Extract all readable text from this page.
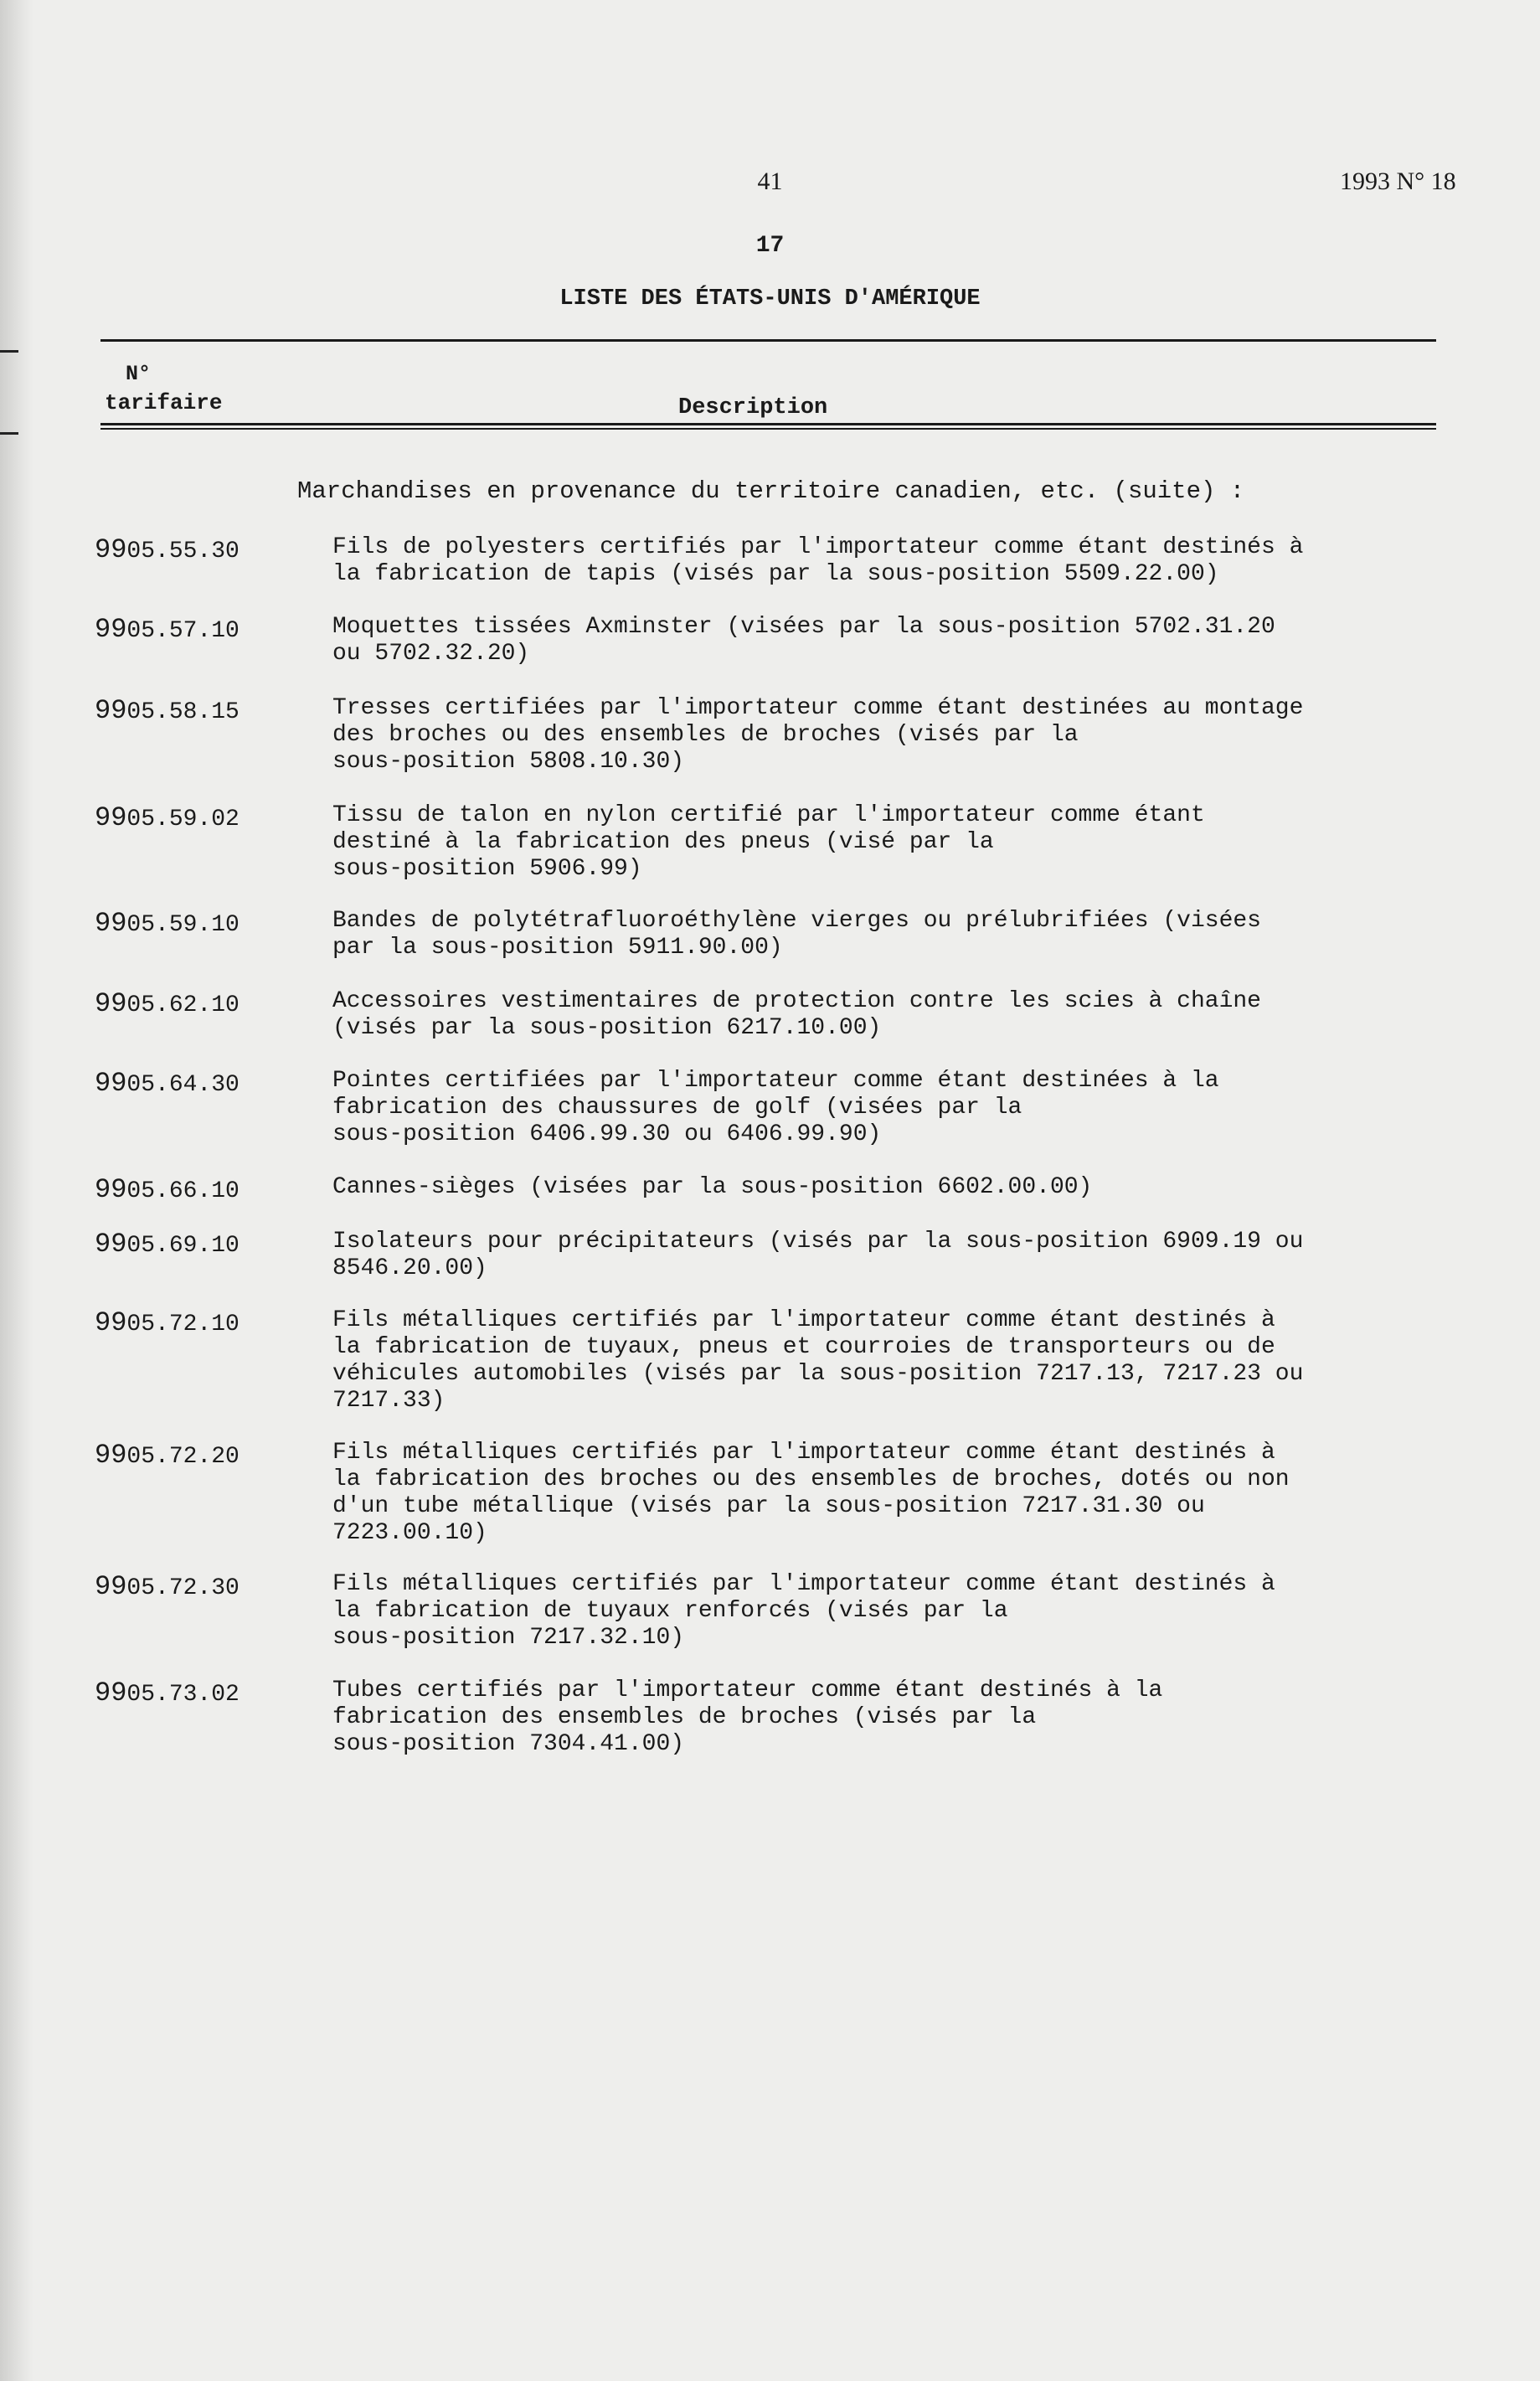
41	1993 N° 18
17
LISTE DES ÉTATS-UNIS D'AMÉRIQUE
N°
tarifaire	Description
Marchandises en provenance du territoire canadien, etc. (suite) :
9905.55.30	Fils de polyesters certifiés par l'importateur comme étant destinés à
la fabrication de tapis (visés par la sous-position 5509.22.00)
9905.57.10	Moquettes tissées Axminster (visées par la sous-position 5702.31.20
ou 5702.32.20)
9905.58.15	Tresses certifiées par l'importateur comme étant destinées au montage
des broches ou des ensembles de broches (visés par la
sous-position 5808.10.30)
9905.59.02	Tissu de talon en nylon certifié par l'importateur comme étant
destiné à la fabrication des pneus (visé par la
sous-position 5906.99)
9905.59.10	Bandes de polytétrafluoroéthylène vierges ou prélubrifiées (visées
par la sous-position 5911.90.00)
9905.62.10	Accessoires vestimentaires de protection contre les scies à chaîne
(visés par la sous-position 6217.10.00)
9905.64.30	Pointes certifiées par l'importateur comme étant destinées à la
fabrication des chaussures de golf (visées par la
sous-position 6406.99.30 ou 6406.99.90)
9905.66.10	Cannes-sièges (visées par la sous-position 6602.00.00)
9905.69.10	Isolateurs pour précipitateurs (visés par la sous-position 6909.19 ou
8546.20.00)
9905.72.10	Fils métalliques certifiés par l'importateur comme étant destinés à
la fabrication de tuyaux, pneus et courroies de transporteurs ou de
véhicules automobiles (visés par la sous-position 7217.13, 7217.23 ou
7217.33)
9905.72.20	Fils métalliques certifiés par l'importateur comme étant destinés à
la fabrication des broches ou des ensembles de broches, dotés ou non
d'un tube métallique (visés par la sous-position 7217.31.30 ou
7223.00.10)
9905.72.30	Fils métalliques certifiés par l'importateur comme étant destinés à
la fabrication de tuyaux renforcés (visés par la
sous-position 7217.32.10)
9905.73.02	Tubes certifiés par l'importateur comme étant destinés à la
fabrication des ensembles de broches (visés par la
sous-position 7304.41.00)
